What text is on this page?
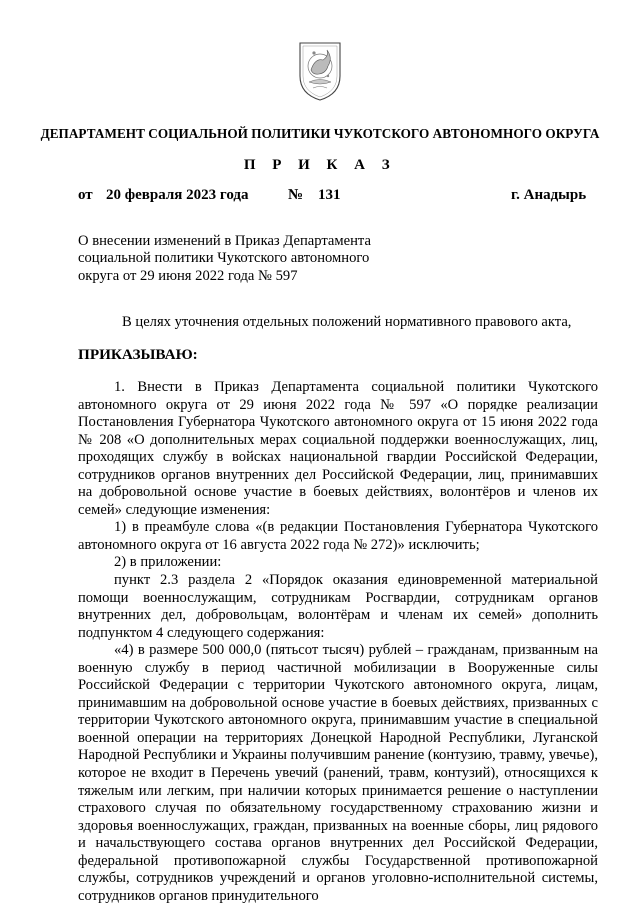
ДЕПАРТАМЕНТ СОЦИАЛЬНОЙ ПОЛИТИКИ ЧУКОТСКОГО АВТОНОМНОГО ОКРУГА
П Р И К А З
от 20 февраля 2023 года	№ 131	г. Анадырь
О внесении изменений в Приказ Департамента
социальной политики Чукотского автономного
округа от 29 июня 2022 года № 597
В целях уточнения отдельных положений нормативного правового акта,
ПРИКАЗЫВАЮ:

1. Внести в Приказ Департамента социальной политики Чукотского автономного округа от 29 июня 2022 года № 597 «О порядке реализации Постановления Губернатора Чукотского автономного округа от 15 июня 2022 года № 208 «О дополнительных мерах социальной поддержки военнослужащих, лиц, проходящих службу в войсках национальной гвардии Российской Федерации, сотрудников органов внутренних дел Российской Федерации, лиц, принимавших на добровольной основе участие в боевых действиях, волонтёров и членов их семей» следующие изменения:

1) в преамбуле слова «(в редакции Постановления Губернатора Чукотского автономного округа от 16 августа 2022 года № 272)» исключить;

2) в приложении:

пункт 2.3 раздела 2 «Порядок оказания единовременной материальной помощи военнослужащим, сотрудникам Росгвардии, сотрудникам органов внутренних дел, добровольцам, волонтёрам и членам их семей» дополнить подпунктом 4 следующего содержания:

«4) в размере 500 000,0 (пятьсот тысяч) рублей – гражданам, призванным на военную службу в период частичной мобилизации в Вооруженные силы Российской Федерации с территории Чукотского автономного округа, лицам, принимавшим на добровольной основе участие в боевых действиях, призванных с территории Чукотского автономного округа, принимавшим участие в специальной военной операции на территориях Донецкой Народной Республики, Луганской Народной Республики и Украины получившим ранение (контузию, травму, увечье), которое не входит в Перечень увечий (ранений, травм, контузий), относящихся к тяжелым или легким, при наличии которых принимается решение о наступлении страхового случая по обязательному государственному страхованию жизни и здоровья военнослужащих, граждан, призванных на военные сборы, лиц рядового и начальствующего состава органов внутренних дел Российской Федерации, федеральной противопожарной службы Государственной противопожарной службы, сотрудников учреждений и органов уголовно-исполнительной системы, сотрудников органов принудительного
